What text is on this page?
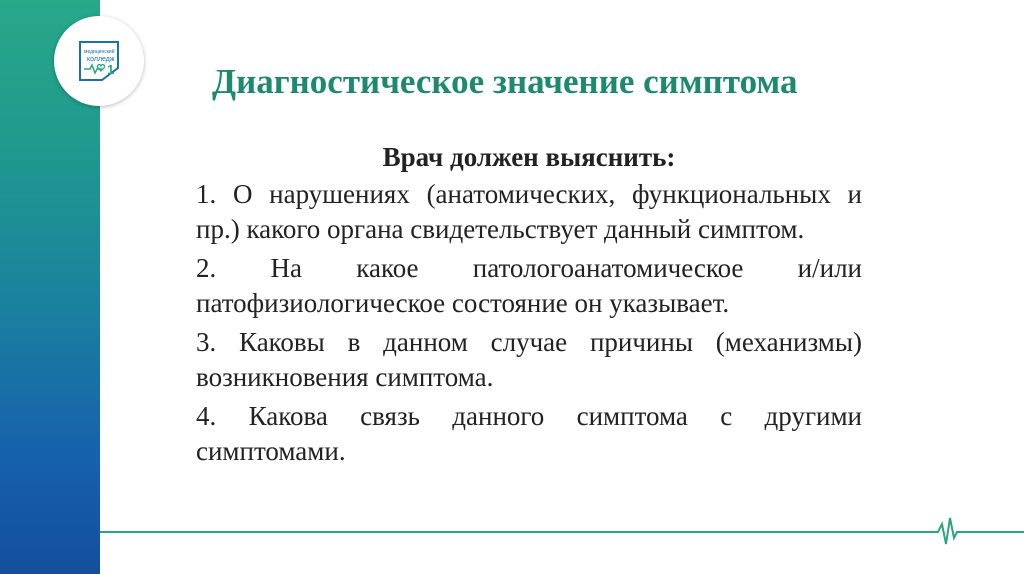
медицинский
колледж
1	Диагностическое значение симптома

Врач должен выяснить:

1. О нарушениях (анатомических, функциональных и пр.) какого органа свидетельствует данный симптом.

2. На какое патологоанатомическое и/или патофизиологическое состояние он указывает.

3. Каковы в данном случае причины (механизмы) возникновения симптома.

4. Какова связь данного симптома с другими симптомами.
